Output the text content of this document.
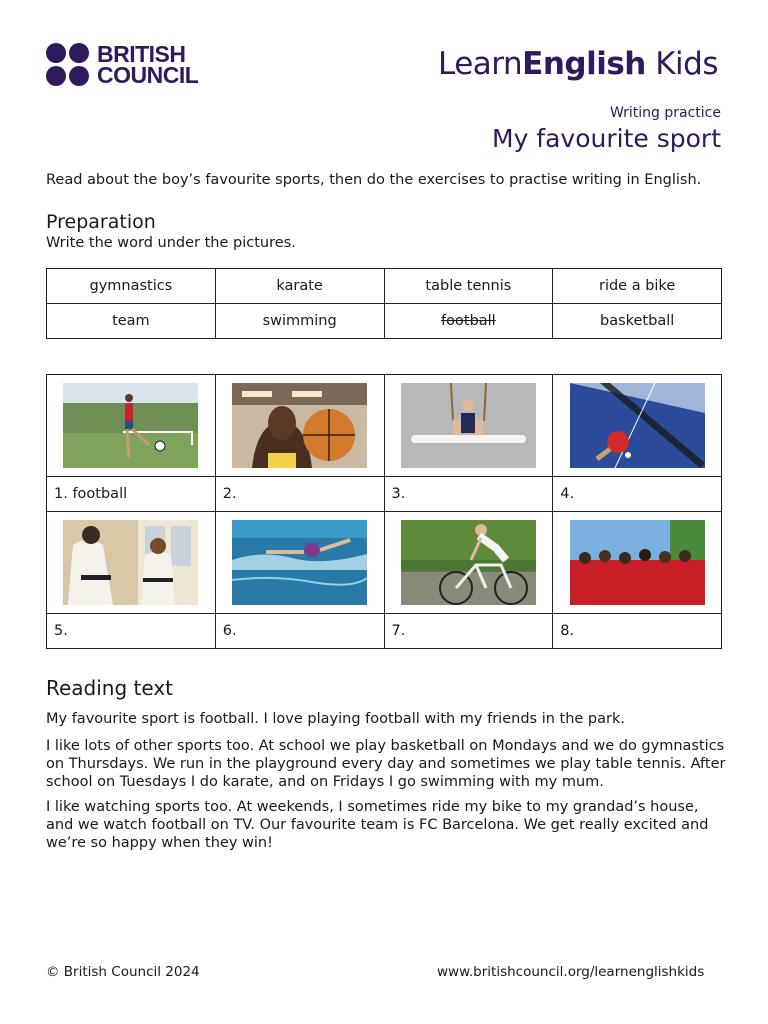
BRITISH
COUNCIL	LearnEnglish Kids
Writing practice
My favourite sport
Read about the boy’s favourite sports, then do the exercises to practise writing in English.
Preparation
Write the word under the pictures.
gymnastics	karate	table tennis	ride a bike
team	swimming	football	basketball

1. football	2.	3.	4.

5.	6.	7.	8.
Reading text
My favourite sport is football. I love playing football with my friends in the park.
I like lots of other sports too. At school we play basketball on Mondays and we do gymnastics on Thursdays. We run in the playground every day and sometimes we play table tennis. After school on Tuesdays I do karate, and on Fridays I go swimming with my mum.
I like watching sports too. At weekends, I sometimes ride my bike to my grandad’s house, and we watch football on TV. Our favourite team is FC Barcelona. We get really excited and we’re so happy when they win!
© British Council 2024	www.britishcouncil.org/learnenglishkids
